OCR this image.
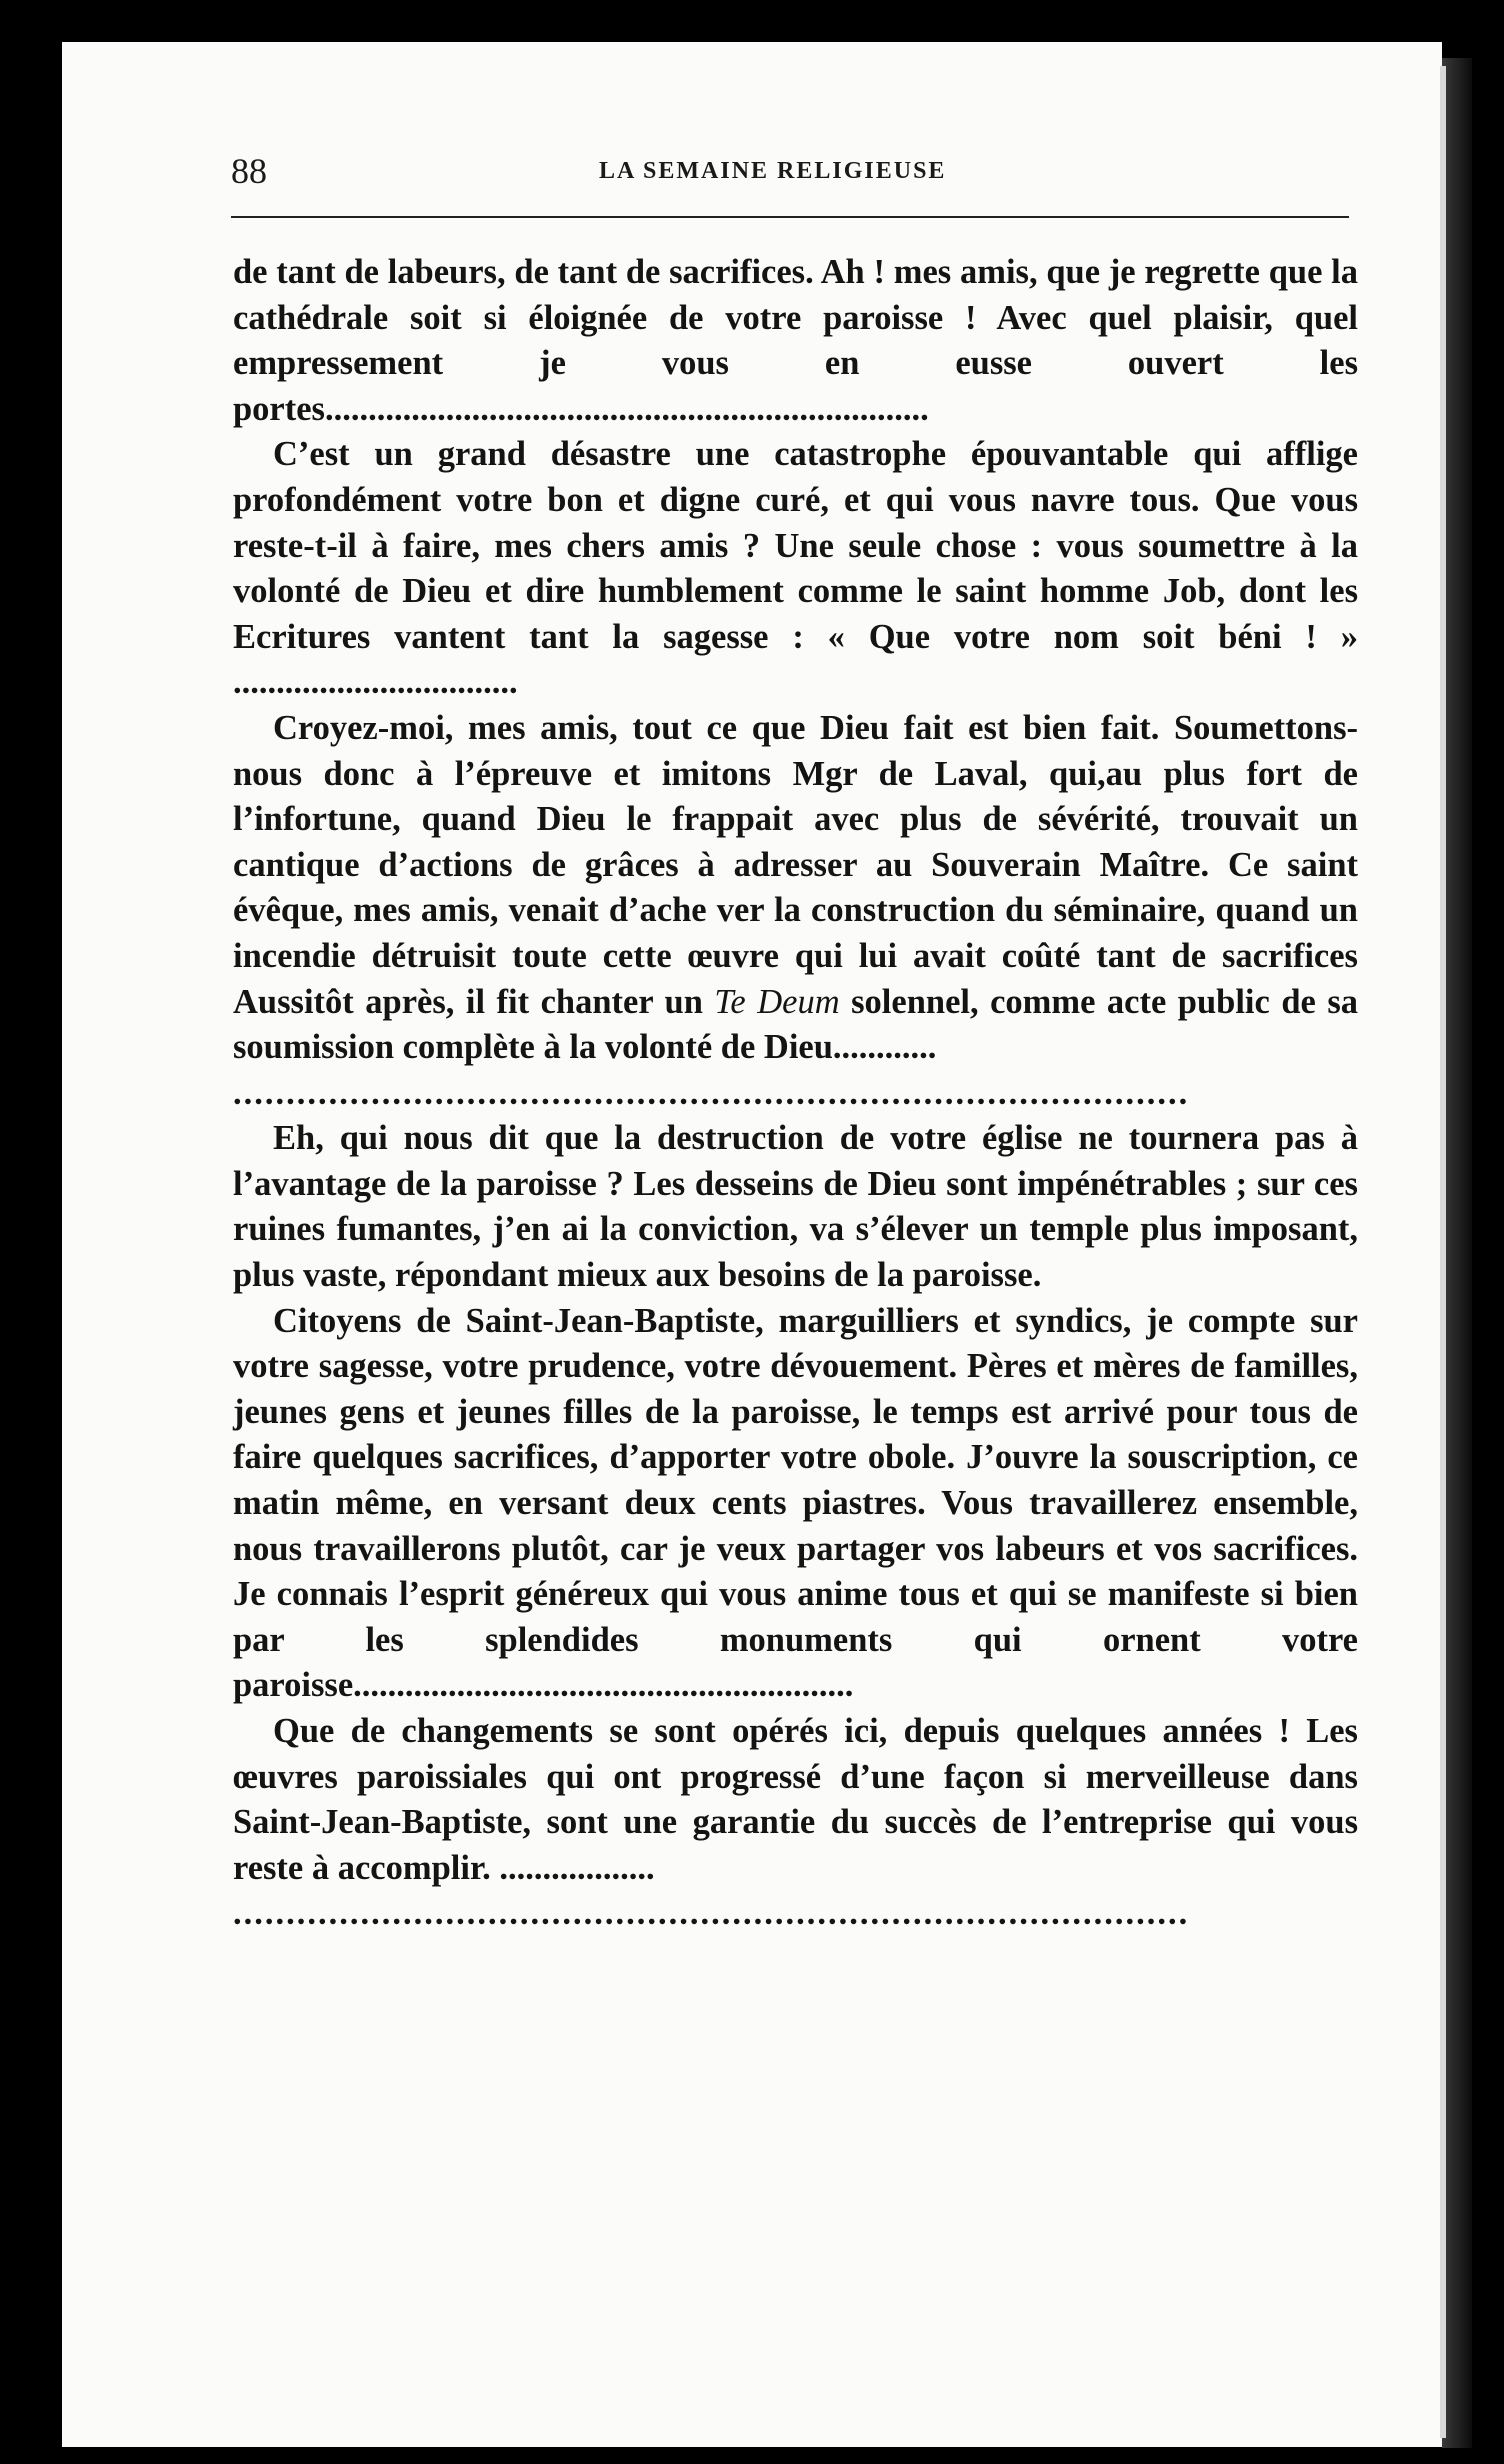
88	LA SEMAINE RELIGIEUSE

de tant de labeurs, de tant de sacrifices. Ah ! mes amis, que je regrette que la cathédrale soit si éloignée de votre paroisse ! Avec quel plaisir, quel empressement je vous en eusse ouvert les portes......................................................................

C’est un grand désastre une catastrophe épouvantable qui afflige profondément votre bon et digne curé, et qui vous navre tous. Que vous reste-t-il à faire, mes chers amis ? Une seule chose : vous soumettre à la volonté de Dieu et dire humblement comme le saint homme Job, dont les Ecritures vantent tant la sagesse : « Que votre nom soit béni ! » .................................

Croyez-moi, mes amis, tout ce que Dieu fait est bien fait. Soumettons-nous donc à l’épreuve et imitons Mgr de Laval, qui,au plus fort de l’infortune, quand Dieu le frappait avec plus de sévérité, trouvait un cantique d’actions de grâces à adresser au Souverain Maître. Ce saint évêque, mes amis, venait d’ache ver la construction du séminaire, quand un incendie détruisit toute cette œuvre qui lui avait coûté tant de sacrifices Aussitôt après, il fit chanter un Te Deum solennel, comme acte public de sa soumission complète à la volonté de Dieu............

..........................................................................................

Eh, qui nous dit que la destruction de votre église ne tournera pas à l’avantage de la paroisse ? Les desseins de Dieu sont impénétrables ; sur ces ruines fumantes, j’en ai la conviction, va s’élever un temple plus imposant, plus vaste, répondant mieux aux besoins de la paroisse.

Citoyens de Saint-Jean-Baptiste, marguilliers et syndics, je compte sur votre sagesse, votre prudence, votre dévouement. Pères et mères de familles, jeunes gens et jeunes filles de la paroisse, le temps est arrivé pour tous de faire quelques sacrifices, d’apporter votre obole. J’ouvre la souscription, ce matin même, en versant deux cents piastres. Vous travaillerez ensemble, nous travaillerons plutôt, car je veux partager vos labeurs et vos sacrifices. Je connais l’esprit généreux qui vous anime tous et qui se manifeste si bien par les splendides monuments qui ornent votre paroisse..........................................................

Que de changements se sont opérés ici, depuis quelques années ! Les œuvres paroissiales qui ont progressé d’une façon si merveilleuse dans Saint-Jean-Baptiste, sont une garantie du succès de l’entreprise qui vous reste à accomplir. ..................

..........................................................................................
